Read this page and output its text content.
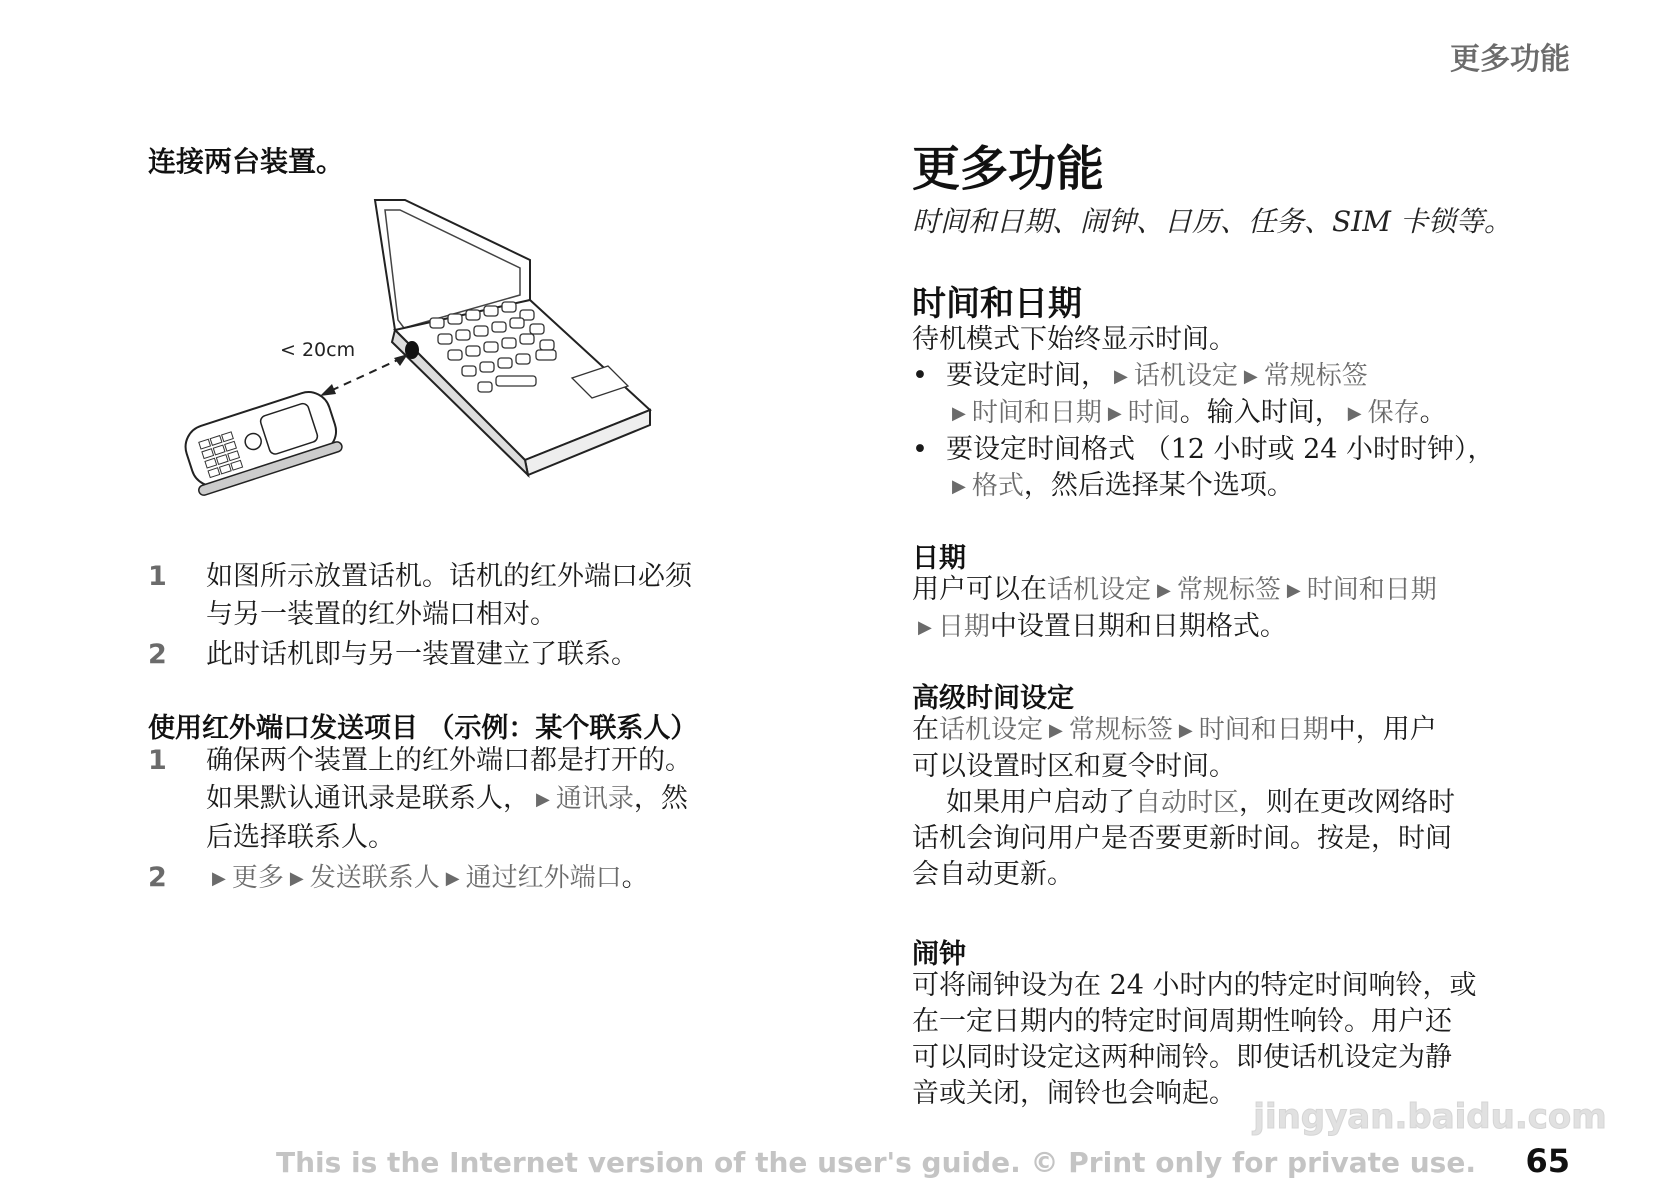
更多功能
连接两台装置。
< 20cm
1 如图所示放置话机。话机的红外端口必须
与另一装置的红外端口相对。
2 此时话机即与另一装置建立了联系。
使用红外端口发送项目 （示例：某个联系人）
1 确保两个装置上的红外端口都是打开的。
如果默认通讯录是联系人， ▶ 通讯录，然
后选择联系人。
2	▶ 更多 ▶ 发送联系人 ▶ 通过红外端口。
更多功能
时间和日期、闹钟、日历、任务、SIM 卡锁等。
时间和日期
待机模式下始终显示时间。
• 要设定时间， ▶ 话机设定 ▶ 常规标签
▶ 时间和日期 ▶ 时间。输入时间， ▶ 保存。
• 要设定时间格式 （12 小时或 24 小时时钟），
▶ 格式，然后选择某个选项。
日期
用户可以在话机设定 ▶ 常规标签 ▶ 时间和日期
▶ 日期中设置日期和日期格式。
高级时间设定
在话机设定 ▶ 常规标签 ▶ 时间和日期中，用户
可以设置时区和夏令时间。
如果用户启动了自动时区，则在更改网络时
话机会询问用户是否要更新时间。按是，时间
会自动更新。
闹钟
可将闹钟设为在 24 小时内的特定时间响铃，或
在一定日期内的特定时间周期性响铃。用户还
可以同时设定这两种闹铃。即使话机设定为静
音或关闭，闹铃也会响起。
jingyan.baidu.com
This is the Internet version of the user's guide. © Print only for private use. 65
